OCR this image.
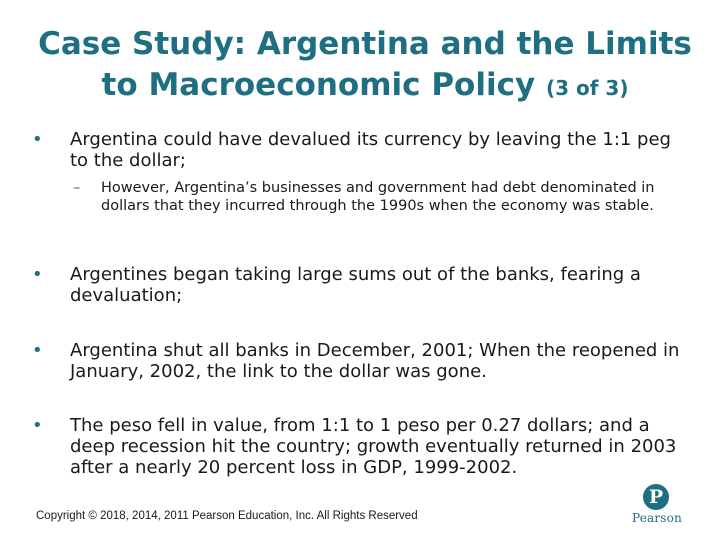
Case Study: Argentina and the Limits
to Macroeconomic Policy (3 of 3)
• Argentina could have devalued its currency by leaving the 1:1 peg to the dollar;
– However, Argentina’s businesses and government had debt denominated in dollars that they incurred through the 1990s when the economy was stable.
• Argentines began taking large sums out of the banks, fearing a devaluation;
• Argentina shut all banks in December, 2001; When the reopened in January, 2002, the link to the dollar was gone.
• The peso fell in value, from 1:1 to 1 peso per 0.27 dollars; and a deep recession hit the country; growth eventually returned in 2003 after a nearly 20 percent loss in GDP, 1999-2002.
Copyright © 2018, 2014, 2011 Pearson Education, Inc. All Rights Reserved
P
Pearson
